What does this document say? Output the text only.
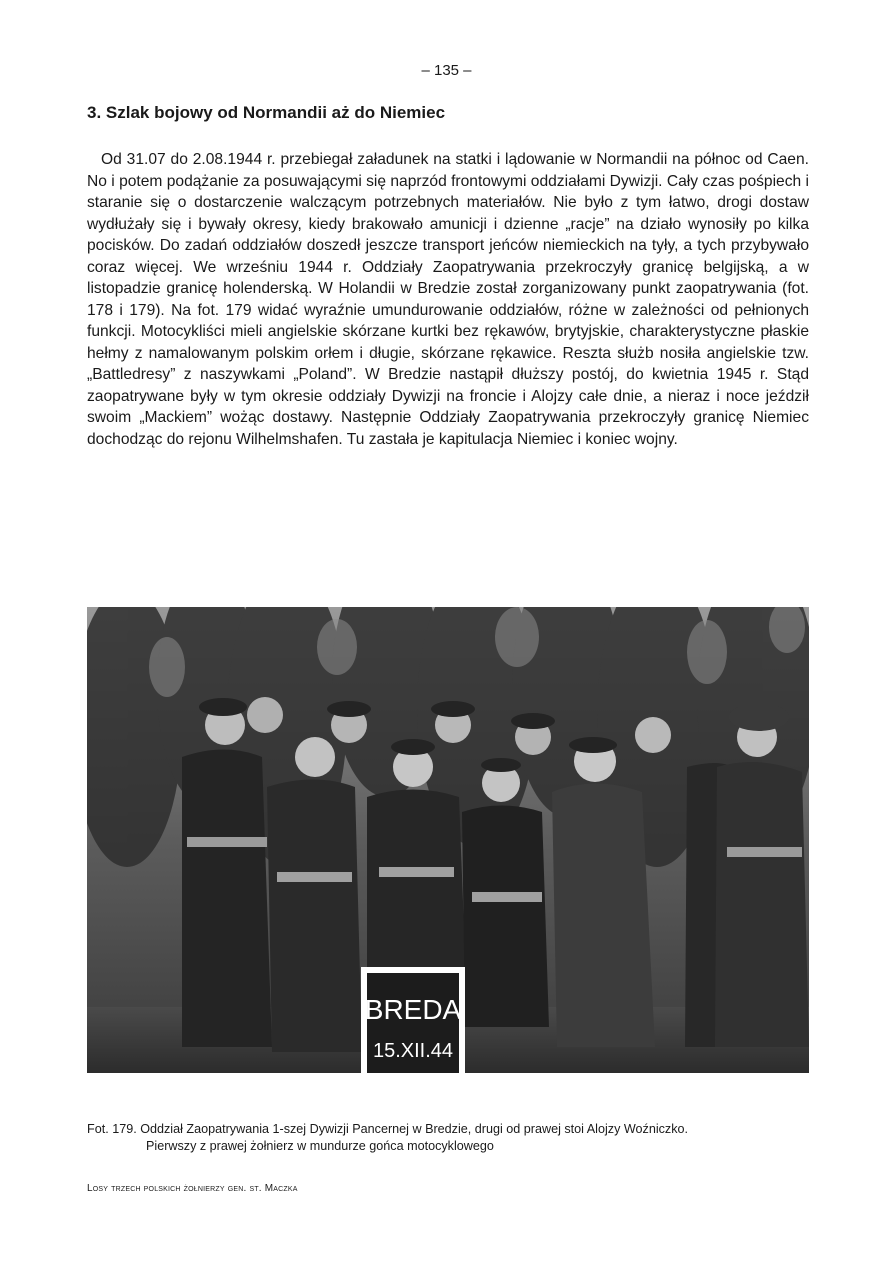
– 135 –
3. Szlak bojowy od Normandii aż do Niemiec

Od 31.07 do 2.08.1944 r. przebiegał załadunek na statki i lądowanie w Normandii na północ od Caen. No i potem podążanie za posuwającymi się naprzód frontowymi oddziałami Dywizji. Cały czas pośpiech i staranie się o dostarczenie walczącym potrzebnych materiałów. Nie było z tym łatwo, drogi dostaw wydłużały się i bywały okresy, kiedy brakowało amunicji i dzienne „racje” na działo wynosiły po kilka pocisków. Do zadań oddziałów doszedł jeszcze transport jeńców niemieckich na tyły, a tych przybywało coraz więcej. We wrześniu 1944 r. Oddziały Zaopatrywania przekroczyły granicę belgijską, a w listopadzie granicę holenderską. W Holandii w Bredzie został zorganizowany punkt zaopatrywania (fot. 178 i 179). Na fot. 179 widać wyraźnie umundurowanie oddziałów, różne w zależności od pełnionych funkcji. Motocykliści mieli angielskie skórzane kurtki bez rękawów, brytyjskie, charakterystyczne płaskie hełmy z namalowanym polskim orłem i długie, skórzane rękawice. Reszta służb nosiła angielskie tzw. „Battledresy” z naszywkami „Poland”. W Bredzie nastąpił dłuższy postój, do kwietnia 1945 r. Stąd zaopatrywane były w tym okresie oddziały Dywizji na froncie i Alojzy całe dnie, a nieraz i noce jeździł swoim „Mackiem” wożąc dostawy. Następnie Oddziały Zaopatrywania przekroczyły granicę Niemiec dochodząc do rejonu Wilhelmshafen. Tu zastała je kapitulacja Niemiec i koniec wojny.

BREDA
15.XII.44

Fot. 179. Oddział Zaopatrywania 1-szej Dywizji Pancernej w Bredzie, drugi od prawej stoi Alojzy Woźniczko.
Pierwszy z prawej żołnierz w mundurze gońca motocyklowego

Losy trzech polskich żołnierzy gen. st. Maczka
